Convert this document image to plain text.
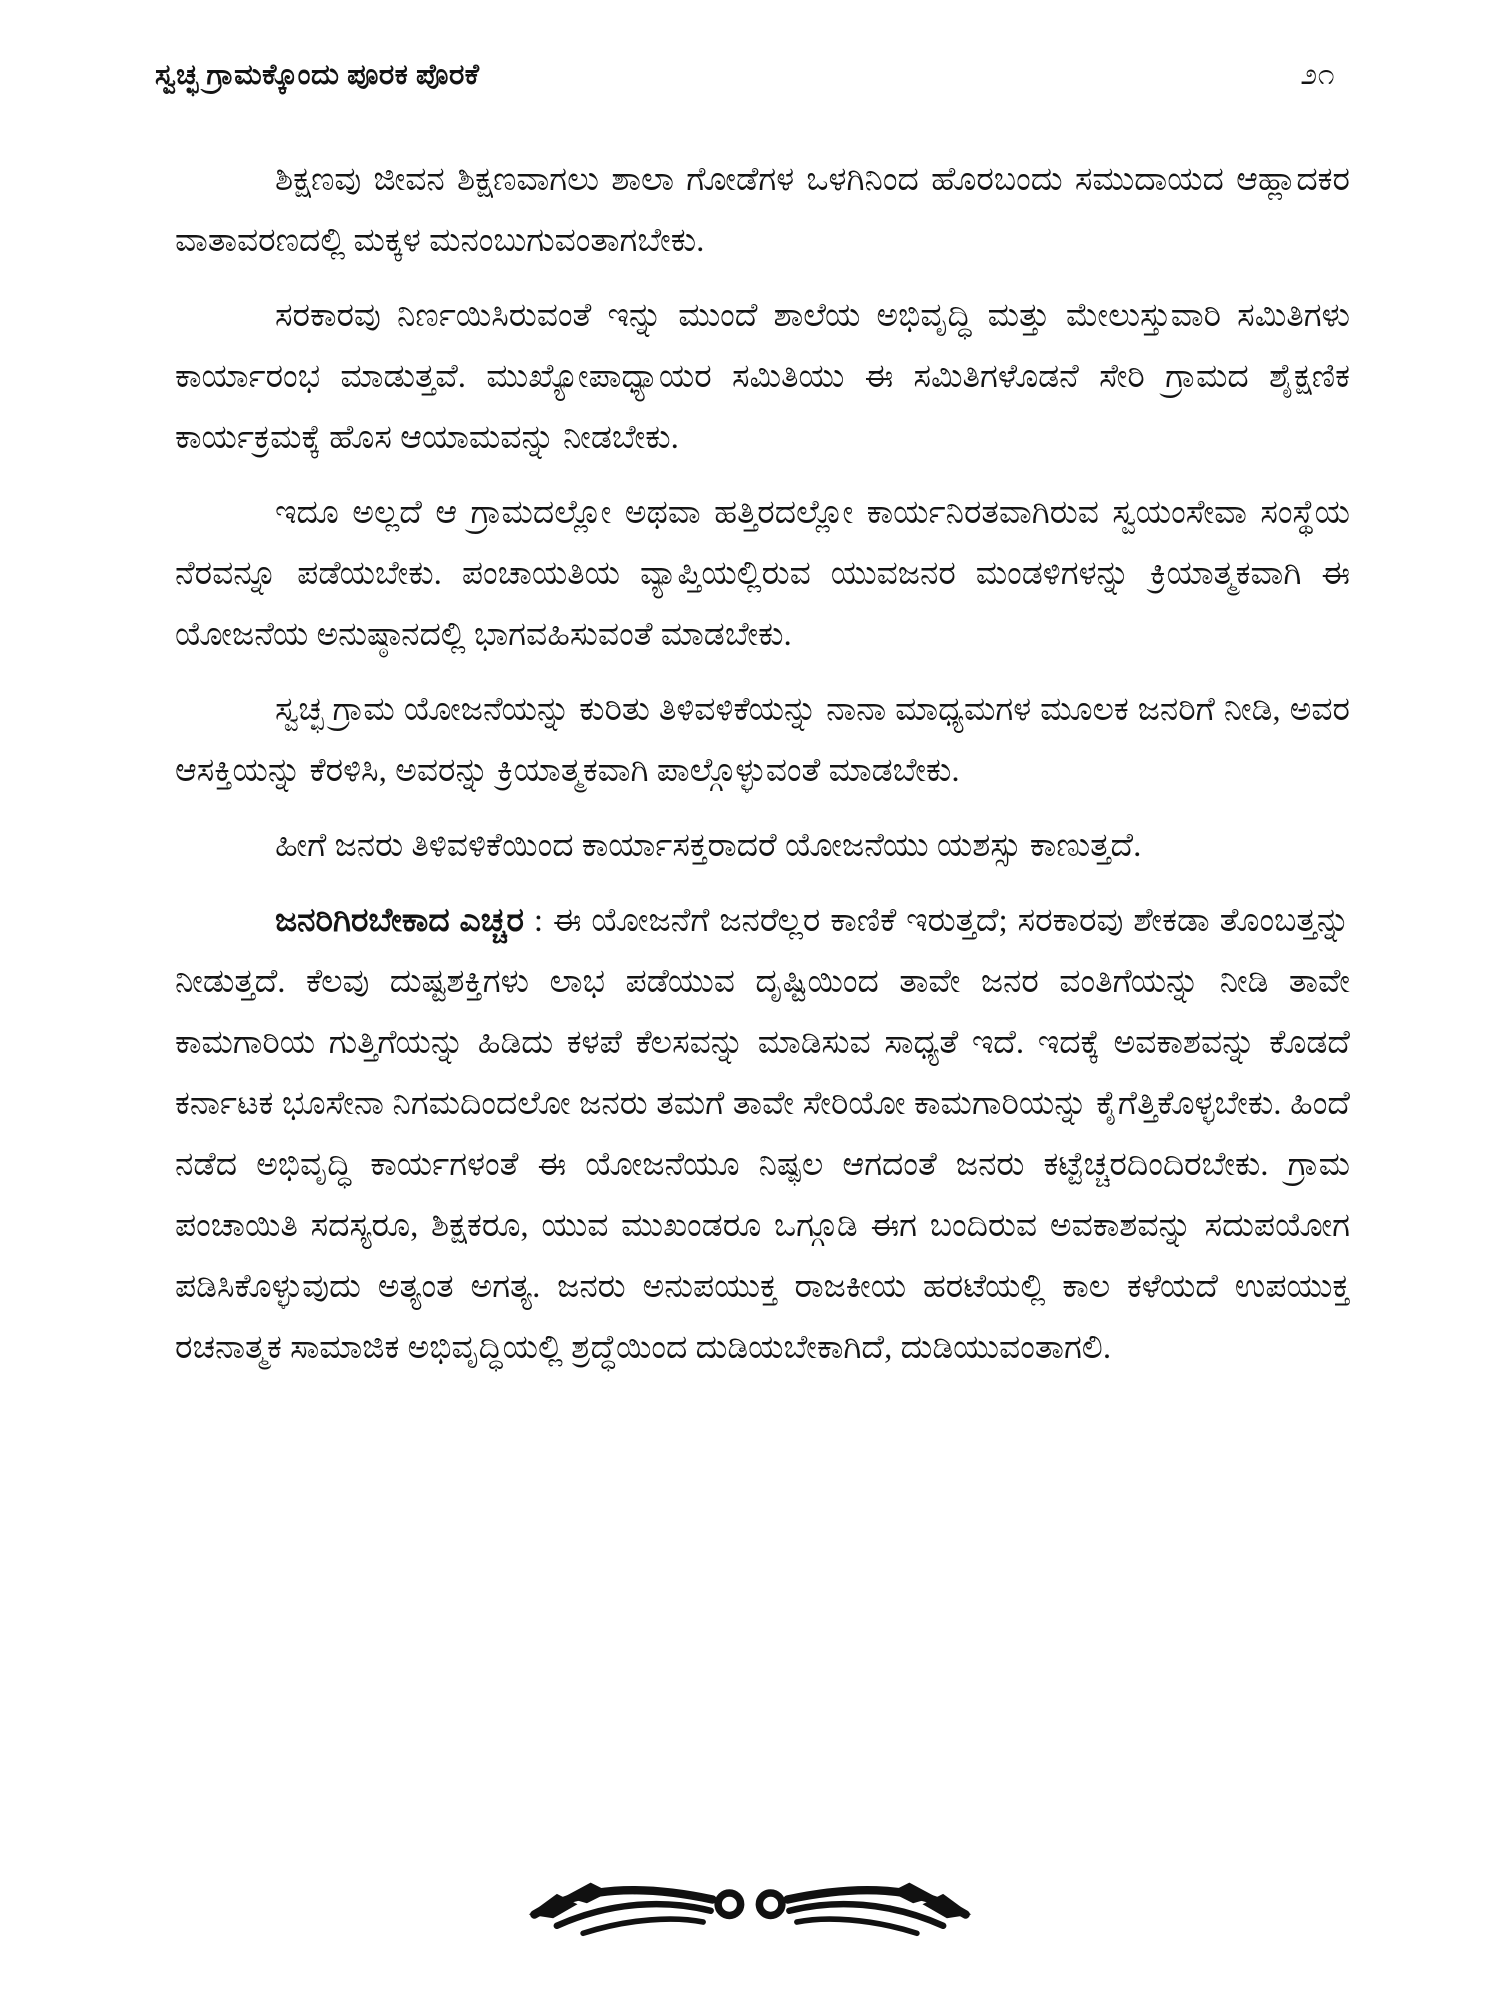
ಸ್ವಚ್ಛ ಗ್ರಾಮಕ್ಕೊಂದು ಪೂರಕ ಪೊರಕೆ	೨೧

ಶಿಕ್ಷಣವು ಜೀವನ ಶಿಕ್ಷಣವಾಗಲು ಶಾಲಾ ಗೋಡೆಗಳ ಒಳಗಿನಿಂದ ಹೊರಬಂದು ಸಮುದಾಯದ ಆಹ್ಲಾದಕರ ವಾತಾವರಣದಲ್ಲಿ ಮಕ್ಕಳ ಮನಂಬುಗುವಂತಾಗಬೇಕು.

ಸರಕಾರವು ನಿರ್ಣಯಿಸಿರುವಂತೆ ಇನ್ನು ಮುಂದೆ ಶಾಲೆಯ ಅಭಿವೃದ್ಧಿ ಮತ್ತು ಮೇಲುಸ್ತುವಾರಿ ಸಮಿತಿಗಳು ಕಾರ್ಯಾರಂಭ ಮಾಡುತ್ತವೆ. ಮುಖ್ಯೋಪಾಧ್ಯಾಯರ ಸಮಿತಿಯು ಈ ಸಮಿತಿಗಳೊಡನೆ ಸೇರಿ ಗ್ರಾಮದ ಶೈಕ್ಷಣಿಕ ಕಾರ್ಯಕ್ರಮಕ್ಕೆ ಹೊಸ ಆಯಾಮವನ್ನು ನೀಡಬೇಕು.

ಇದೂ ಅಲ್ಲದೆ ಆ ಗ್ರಾಮದಲ್ಲೋ ಅಥವಾ ಹತ್ತಿರದಲ್ಲೋ ಕಾರ್ಯನಿರತವಾಗಿರುವ ಸ್ವಯಂಸೇವಾ ಸಂಸ್ಥೆಯ ನೆರವನ್ನೂ ಪಡೆಯಬೇಕು. ಪಂಚಾಯತಿಯ ವ್ಯಾಪ್ತಿಯಲ್ಲಿರುವ ಯುವಜನರ ಮಂಡಳಿಗಳನ್ನು ಕ್ರಿಯಾತ್ಮಕವಾಗಿ ಈ ಯೋಜನೆಯ ಅನುಷ್ಠಾನದಲ್ಲಿ ಭಾಗವಹಿಸುವಂತೆ ಮಾಡಬೇಕು.

ಸ್ವಚ್ಛ ಗ್ರಾಮ ಯೋಜನೆಯನ್ನು ಕುರಿತು ತಿಳಿವಳಿಕೆಯನ್ನು ನಾನಾ ಮಾಧ್ಯಮಗಳ ಮೂಲಕ ಜನರಿಗೆ ನೀಡಿ, ಅವರ ಆಸಕ್ತಿಯನ್ನು ಕೆರಳಿಸಿ, ಅವರನ್ನು ಕ್ರಿಯಾತ್ಮಕವಾಗಿ ಪಾಲ್ಗೊಳ್ಳುವಂತೆ ಮಾಡಬೇಕು.

ಹೀಗೆ ಜನರು ತಿಳಿವಳಿಕೆಯಿಂದ ಕಾರ್ಯಾಸಕ್ತರಾದರೆ ಯೋಜನೆಯು ಯಶಸ್ಸು ಕಾಣುತ್ತದೆ.

ಜನರಿಗಿರಬೇಕಾದ ಎಚ್ಚರ : ಈ ಯೋಜನೆಗೆ ಜನರೆಲ್ಲರ ಕಾಣಿಕೆ ಇರುತ್ತದೆ; ಸರಕಾರವು ಶೇಕಡಾ ತೊಂಬತ್ತನ್ನು ನೀಡುತ್ತದೆ. ಕೆಲವು ದುಷ್ಟಶಕ್ತಿಗಳು ಲಾಭ ಪಡೆಯುವ ದೃಷ್ಟಿಯಿಂದ ತಾವೇ ಜನರ ವಂತಿಗೆಯನ್ನು ನೀಡಿ ತಾವೇ ಕಾಮಗಾರಿಯ ಗುತ್ತಿಗೆಯನ್ನು ಹಿಡಿದು ಕಳಪೆ ಕೆಲಸವನ್ನು ಮಾಡಿಸುವ ಸಾಧ್ಯತೆ ಇದೆ. ಇದಕ್ಕೆ ಅವಕಾಶವನ್ನು ಕೊಡದೆ ಕರ್ನಾಟಕ ಭೂಸೇನಾ ನಿಗಮದಿಂದಲೋ ಜನರು ತಮಗೆ ತಾವೇ ಸೇರಿಯೋ ಕಾಮಗಾರಿಯನ್ನು ಕೈಗೆತ್ತಿಕೊಳ್ಳಬೇಕು. ಹಿಂದೆ ನಡೆದ ಅಭಿವೃದ್ಧಿ ಕಾರ್ಯಗಳಂತೆ ಈ ಯೋಜನೆಯೂ ನಿಷ್ಫಲ ಆಗದಂತೆ ಜನರು ಕಟ್ಟೆಚ್ಚರದಿಂದಿರಬೇಕು. ಗ್ರಾಮ ಪಂಚಾಯಿತಿ ಸದಸ್ಯರೂ, ಶಿಕ್ಷಕರೂ, ಯುವ ಮುಖಂಡರೂ ಒಗ್ಗೂಡಿ ಈಗ ಬಂದಿರುವ ಅವಕಾಶವನ್ನು ಸದುಪಯೋಗ ಪಡಿಸಿಕೊಳ್ಳುವುದು ಅತ್ಯಂತ ಅಗತ್ಯ. ಜನರು ಅನುಪಯುಕ್ತ ರಾಜಕೀಯ ಹರಟೆಯಲ್ಲಿ ಕಾಲ ಕಳೆಯದೆ ಉಪಯುಕ್ತ ರಚನಾತ್ಮಕ ಸಾಮಾಜಿಕ ಅಭಿವೃದ್ಧಿಯಲ್ಲಿ ಶ್ರದ್ಧೆಯಿಂದ ದುಡಿಯಬೇಕಾಗಿದೆ, ದುಡಿಯುವಂತಾಗಲಿ.
